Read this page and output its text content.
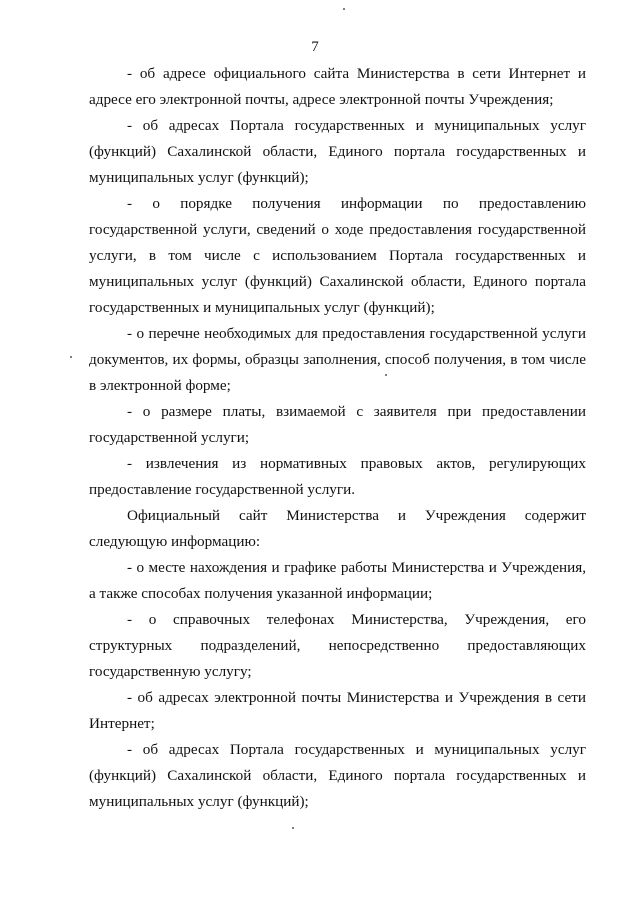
7

- об адресе официального сайта Министерства в сети Интернет и адресе его электронной почты, адресе электронной почты Учреждения;

- об адресах Портала государственных и муниципальных услуг (функций) Сахалинской области, Единого портала государственных и муниципальных услуг (функций);

- о порядке получения информации по предоставлению государственной услуги, сведений о ходе предоставления государственной услуги, в том числе с использованием Портала государственных и муниципальных услуг (функций) Сахалинской области, Единого портала государственных и муниципальных услуг (функций);

- о перечне необходимых для предоставления государственной услуги документов, их формы, образцы заполнения, способ получения, в том числе в электронной форме;

- о размере платы, взимаемой с заявителя при предоставлении государственной услуги;

- извлечения из нормативных правовых актов, регулирующих предоставление государственной услуги.

Официальный сайт Министерства и Учреждения содержит следующую информацию:

- о месте нахождения и графике работы Министерства и Учреждения, а также способах получения указанной информации;

- о справочных телефонах Министерства, Учреждения, его структурных подразделений, непосредственно предоставляющих государственную услугу;

- об адресах электронной почты Министерства и Учреждения в сети Интернет;

- об адресах Портала государственных и муниципальных услуг (функций) Сахалинской области, Единого портала государственных и муниципальных услуг (функций);
